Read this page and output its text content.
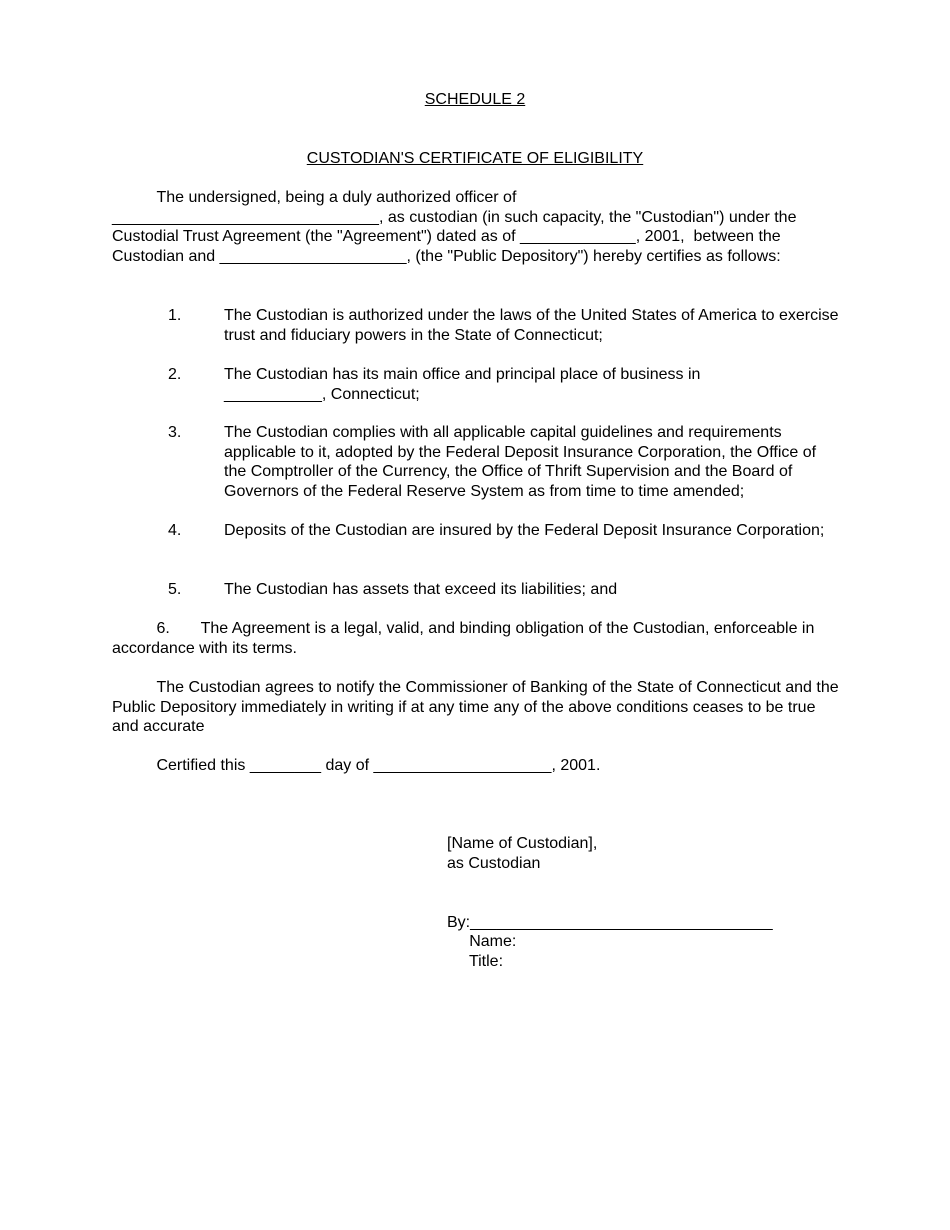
SCHEDULE 2
CUSTODIAN'S CERTIFICATE OF ELIGIBILITY

The undersigned, being a duly authorized officer of
______________________________, as custodian (in such capacity, the "Custodian") under the Custodial Trust Agreement (the "Agreement") dated as of _____________, 2001,  between the Custodian and _____________________, (the "Public Depository") hereby certifies as follows:

1.	The Custodian is authorized under the laws of the United States of America to exercise trust and fiduciary powers in the State of Connecticut;
2.	The Custodian has its main office and principal place of business in
___________, Connecticut;
3.	The Custodian complies with all applicable capital guidelines and requirements applicable to it, adopted by the Federal Deposit Insurance Corporation, the Office of the Comptroller of the Currency, the Office of Thrift Supervision and the Board of Governors of the Federal Reserve System as from time to time amended;
4.	Deposits of the Custodian are insured by the Federal Deposit Insurance Corporation;
5.	The Custodian has assets that exceed its liabilities; and

6.       The Agreement is a legal, valid, and binding obligation of the Custodian, enforceable in accordance with its terms.

The Custodian agrees to notify the Commissioner of Banking of the State of Connecticut and the Public Depository immediately in writing if at any time any of the above conditions ceases to be true and accurate

Certified this ________ day of ____________________, 2001.

[Name of Custodian],
as Custodian
By:__________________________________
Name:
Title:
